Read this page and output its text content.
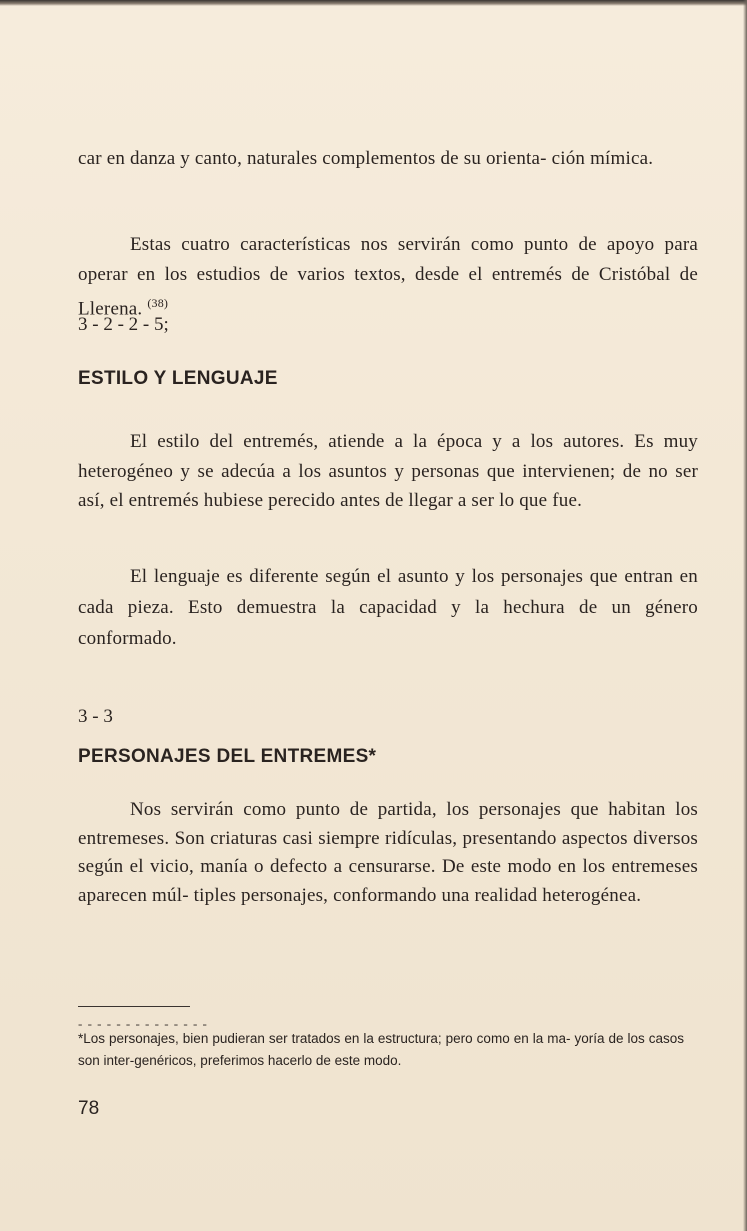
car en danza y canto, naturales complementos de su orienta- ción mímica.

Estas cuatro características nos servirán como punto de apoyo para operar en los estudios de varios textos, desde el entremés de Cristóbal de Llerena. $^{(38)}$

3 - 2 - 2 - 5;
ESTILO Y LENGUAJE

El estilo del entremés, atiende a la época y a los autores. Es muy heterogéneo y se adecúa a los asuntos y personas que intervienen; de no ser así, el entremés hubiese perecido antes de llegar a ser lo que fue.

El lenguaje es diferente según el asunto y los personajes que entran en cada pieza. Esto demuestra la capacidad y la hechura de un género conformado.

3 - 3
PERSONAJES DEL ENTREMES*

Nos servirán como punto de partida, los personajes que habitan los entremeses. Son criaturas casi siempre ridículas, presentando aspectos diversos según el vicio, manía o defecto a censurarse. De este modo en los entremeses aparecen múl- tiples personajes, conformando una realidad heterogénea.

- - - - - - - - - - - - - -
*Los personajes, bien pudieran ser tratados en la estructura; pero como en la ma- yoría de los casos son inter-genéricos, preferimos hacerlo de este modo.
78
